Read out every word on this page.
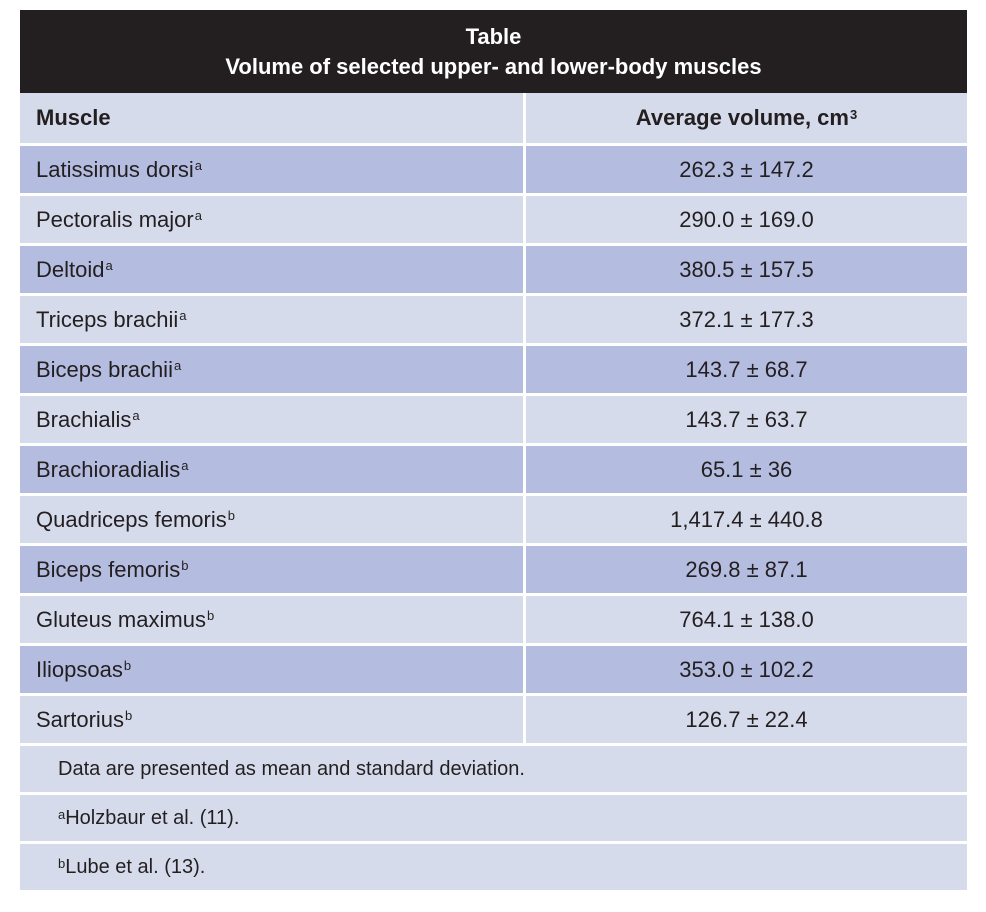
Table
Volume of selected upper- and lower-body muscles
Muscle	Average volume, $cm^3$
Latissimus dorsi$^a$	262.3 ± 147.2
Pectoralis major$^a$	290.0 ± 169.0
Deltoid$^a$	380.5 ± 157.5
Triceps brachii$^a$	372.1 ± 177.3
Biceps brachii$^a$	143.7 ± 68.7
Brachialis $^a$	143.7 ± 63.7
Brachioradialis$^a$	65.1 ± 36
Quadriceps femoris$^b$	1,417.4 ± 440.8
Biceps femoris$^b$	269.8 ± 87.1
Gluteus maximus$^b$	764.1 ± 138.0
Iliopsoas$^b$	353.0 ± 102.2
Sartorius$^b$	126.7 ± 22.4
Data are presented as mean and standard deviation.
$^a$ Holzbaur et al. (11).
$^b$ Lube et al. (13).
